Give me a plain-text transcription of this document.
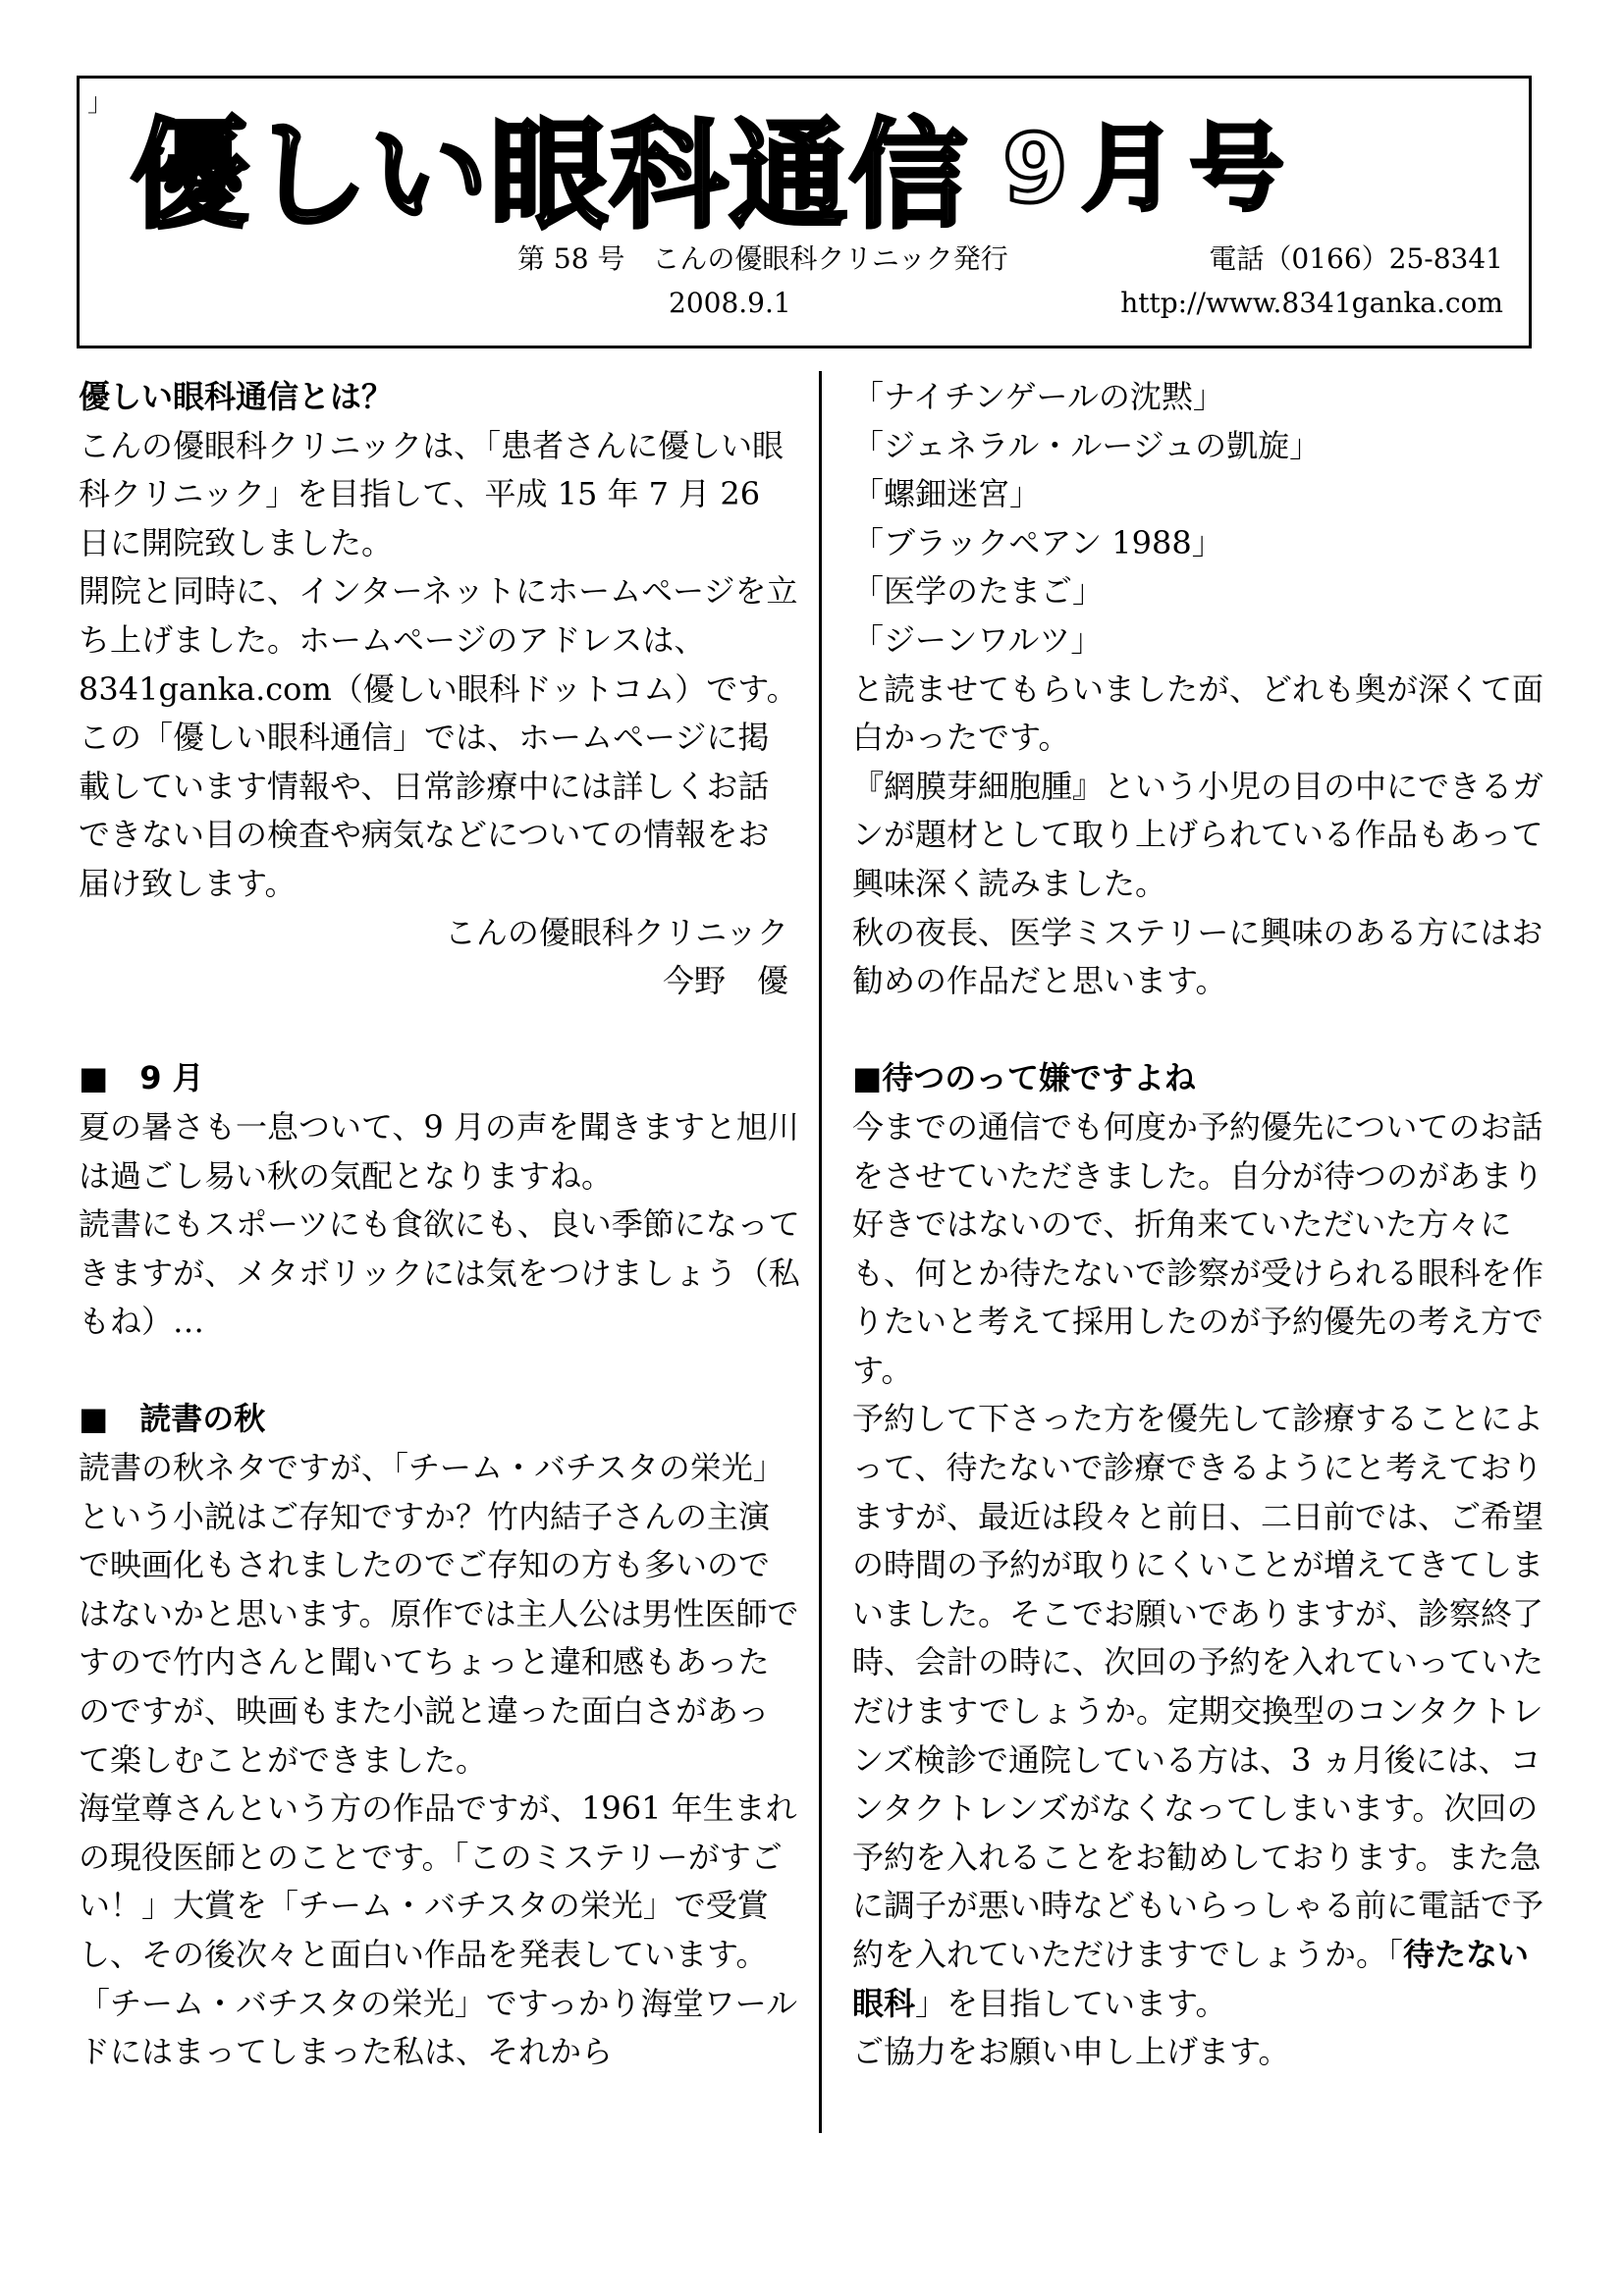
」
優しい眼科通信 9月号
第 58 号　こんの優眼科クリニック発行	電話（0166）25-8341
2008.9.1	http://www.8341ganka.com

優しい眼科通信とは？

こんの優眼科クリニックは、「患者さんに優しい眼科クリニック」を目指して、平成 15 年 7 月 26 日に開院致しました。

開院と同時に、インターネットにホームページを立ち上げました。ホームページのアドレスは、8341ganka.com（優しい眼科ドットコム）です。

この「優しい眼科通信」では、ホームページに掲載しています情報や、日常診療中には詳しくお話できない目の検査や病気などについての情報をお届け致します。

こんの優眼科クリニック

今野　優

■　9 月

夏の暑さも一息ついて、9 月の声を聞きますと旭川は過ごし易い秋の気配となりますね。

読書にもスポーツにも食欲にも、良い季節になってきますが、メタボリックには気をつけましょう（私もね）…

■　読書の秋

読書の秋ネタですが、「チーム・バチスタの栄光」という小説はご存知ですか？竹内結子さんの主演で映画化もされましたのでご存知の方も多いのではないかと思います。原作では主人公は男性医師ですので竹内さんと聞いてちょっと違和感もあったのですが、映画もまた小説と違った面白さがあって楽しむことができました。

海堂尊さんという方の作品ですが、1961 年生まれの現役医師とのことです。「このミステリーがすごい！」大賞を「チーム・バチスタの栄光」で受賞し、その後次々と面白い作品を発表しています。

「チーム・バチスタの栄光」ですっかり海堂ワールドにはまってしまった私は、それから

「ナイチンゲールの沈黙」

「ジェネラル・ルージュの凱旋」

「螺鈿迷宮」

「ブラックペアン 1988」

「医学のたまご」

「ジーンワルツ」

と読ませてもらいましたが、どれも奥が深くて面白かったです。

『網膜芽細胞腫』という小児の目の中にできるガンが題材として取り上げられている作品もあって興味深く読みました。

秋の夜長、医学ミステリーに興味のある方にはお勧めの作品だと思います。

■待つのって嫌ですよね

今までの通信でも何度か予約優先についてのお話をさせていただきました。自分が待つのがあまり好きではないので、折角来ていただいた方々にも、何とか待たないで診察が受けられる眼科を作りたいと考えて採用したのが予約優先の考え方です。

予約して下さった方を優先して診療することによって、待たないで診療できるようにと考えておりますが、最近は段々と前日、二日前では、ご希望の時間の予約が取りにくいことが増えてきてしまいました。そこでお願いでありますが、診察終了時、会計の時に、次回の予約を入れていっていただけますでしょうか。定期交換型のコンタクトレンズ検診で通院している方は、3 ヵ月後には、コンタクトレンズがなくなってしまいます。次回の予約を入れることをお勧めしております。また急に調子が悪い時などもいらっしゃる前に電話で予約を入れていただけますでしょうか。「待たない眼科」を目指しています。

ご協力をお願い申し上げます。
